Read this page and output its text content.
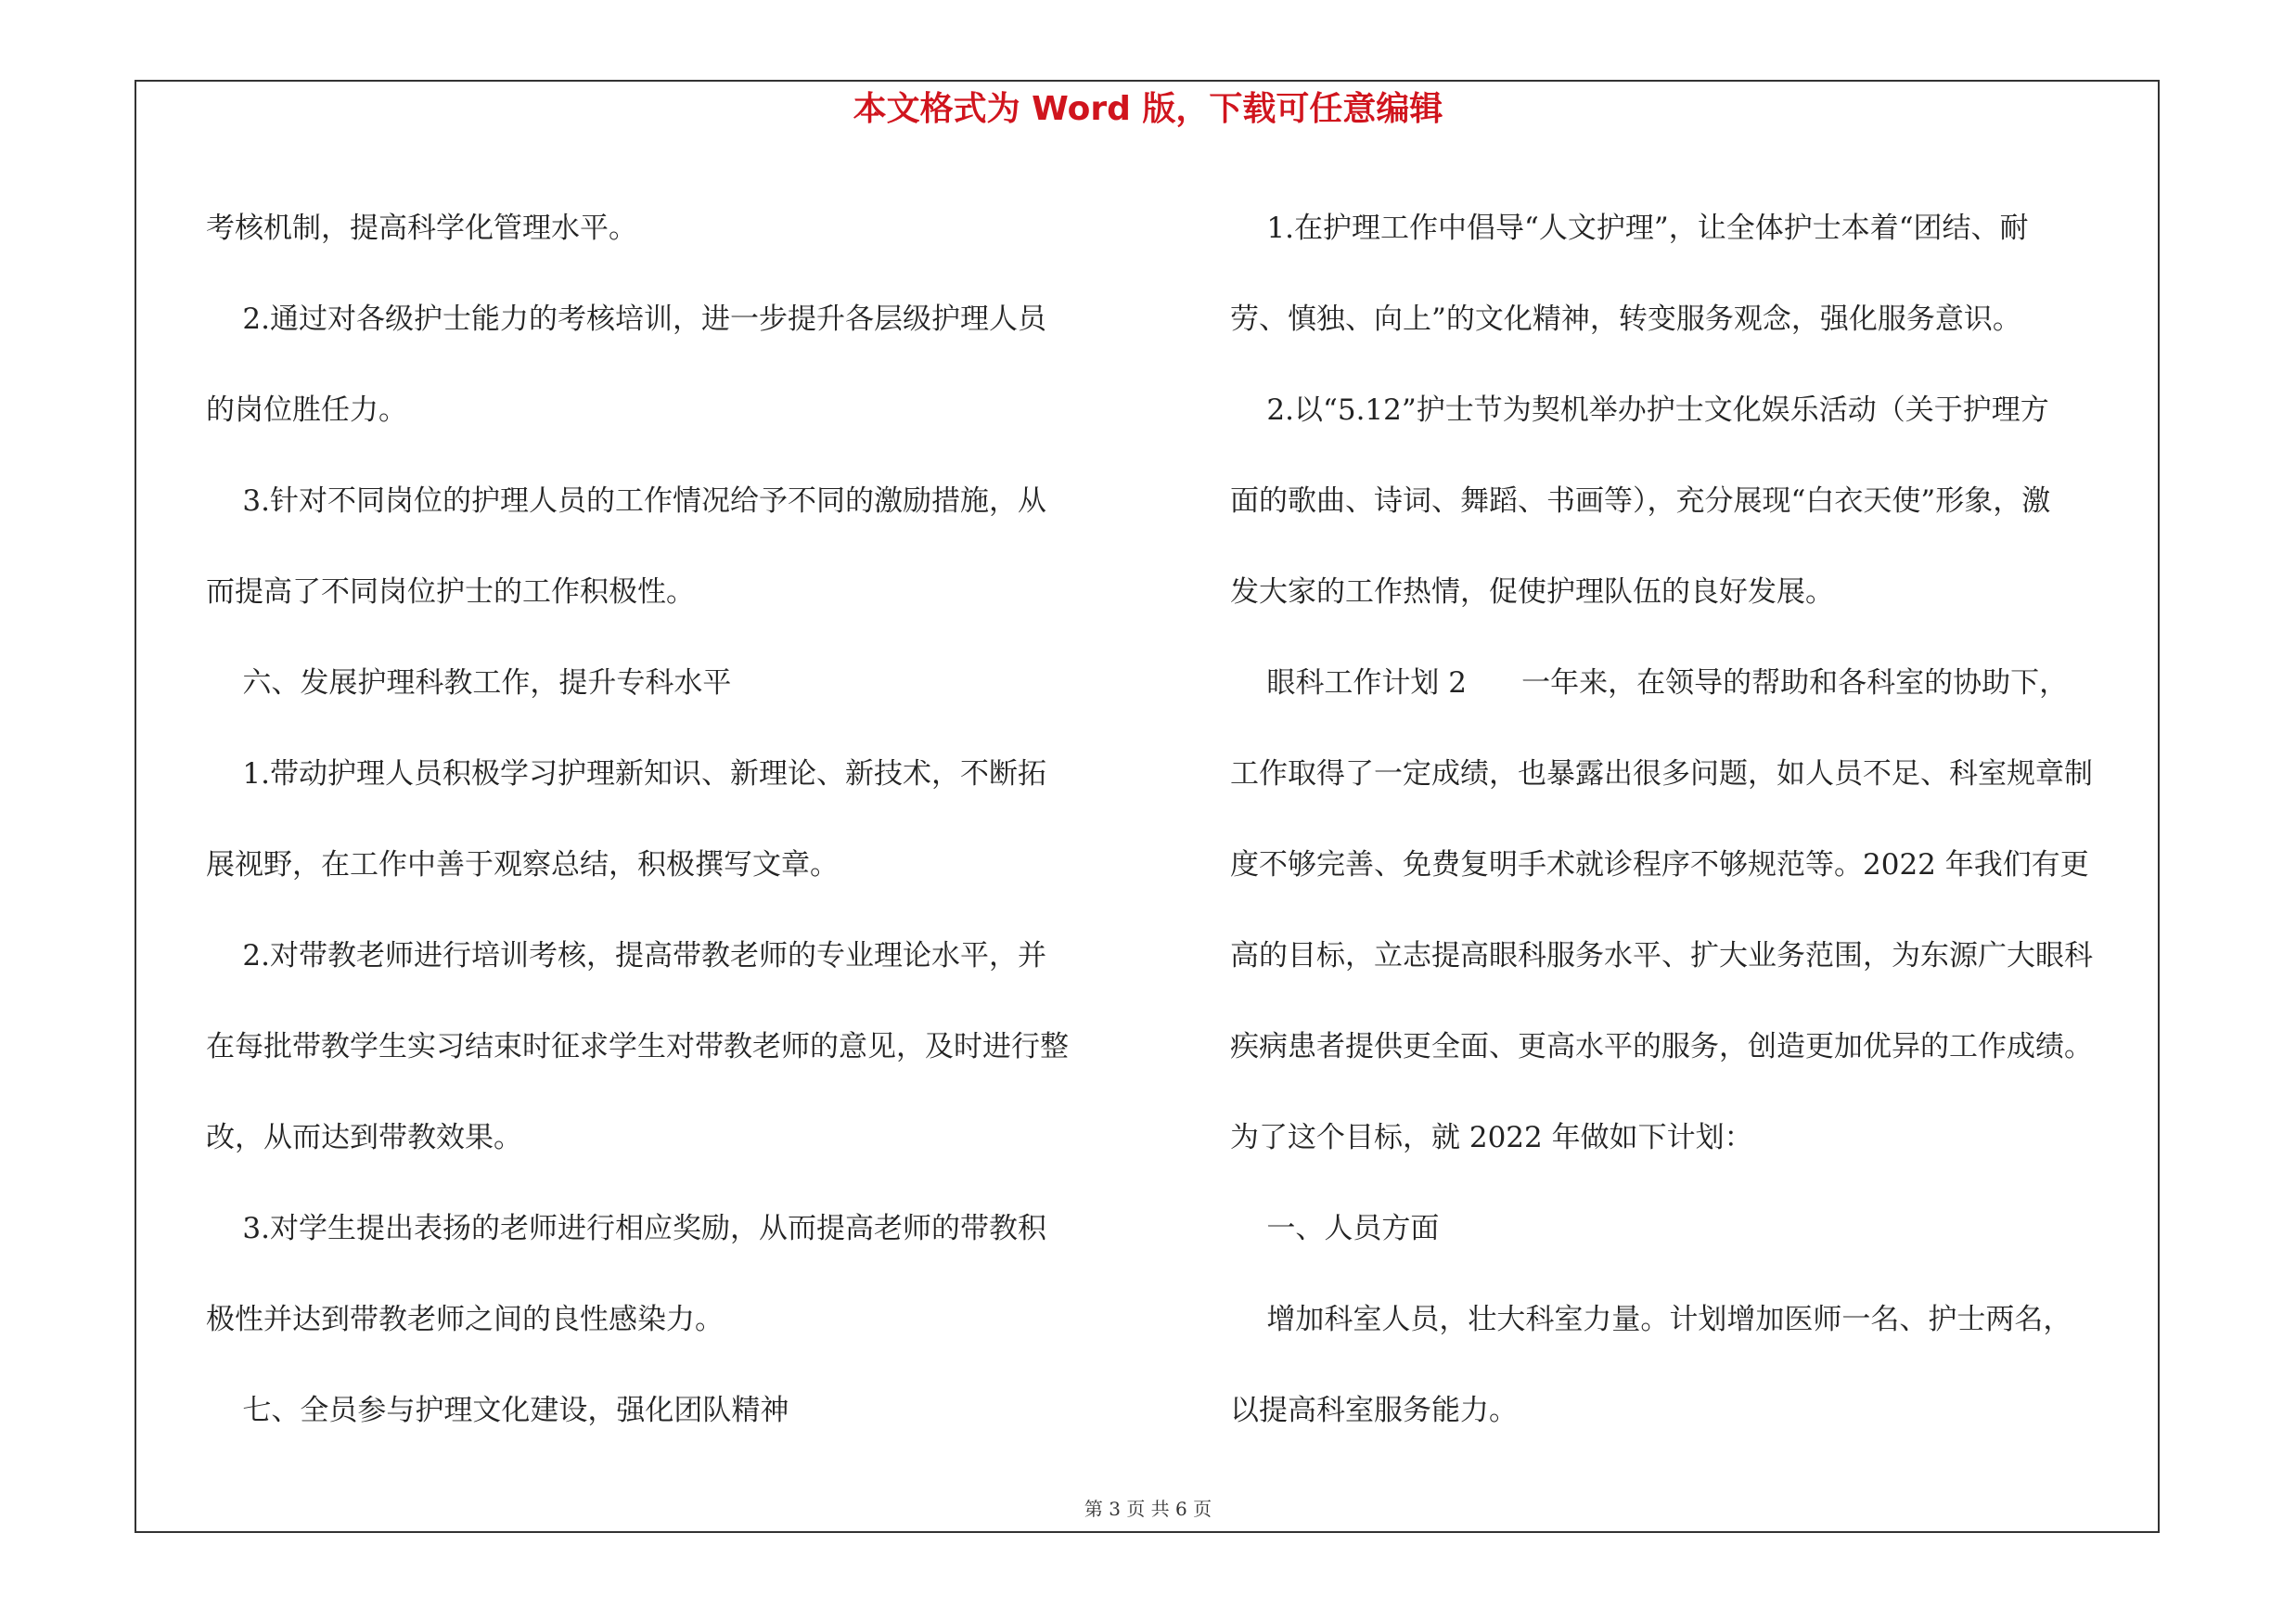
本文格式为 Word 版，下载可任意编辑

考核机制，提高科学化管理水平。

2.通过对各级护士能力的考核培训，进一步提升各层级护理人员

的岗位胜任力。

3.针对不同岗位的护理人员的工作情况给予不同的激励措施，从

而提高了不同岗位护士的工作积极性。

六、发展护理科教工作，提升专科水平

1.带动护理人员积极学习护理新知识、新理论、新技术，不断拓

展视野，在工作中善于观察总结，积极撰写文章。

2.对带教老师进行培训考核，提高带教老师的专业理论水平，并

在每批带教学生实习结束时征求学生对带教老师的意见，及时进行整

改，从而达到带教效果。

3.对学生提出表扬的老师进行相应奖励，从而提高老师的带教积

极性并达到带教老师之间的良性感染力。

七、全员参与护理文化建设，强化团队精神

1.在护理工作中倡导“人文护理”，让全体护士本着“团结、耐

劳、慎独、向上”的文化精神，转变服务观念，强化服务意识。

2.以“5.12”护士节为契机举办护士文化娱乐活动（关于护理方

面的歌曲、诗词、舞蹈、书画等），充分展现“白衣天使”形象，激

发大家的工作热情，促使护理队伍的良好发展。

眼科工作计划 2      一年来，在领导的帮助和各科室的协助下，

工作取得了一定成绩，也暴露出很多问题，如人员不足、科室规章制

度不够完善、免费复明手术就诊程序不够规范等。2022 年我们有更

高的目标，立志提高眼科服务水平、扩大业务范围，为东源广大眼科

疾病患者提供更全面、更高水平的服务，创造更加优异的工作成绩。

为了这个目标，就 2022 年做如下计划：

一、人员方面

增加科室人员，壮大科室力量。计划增加医师一名、护士两名，

以提高科室服务能力。

第 3 页 共 6 页
